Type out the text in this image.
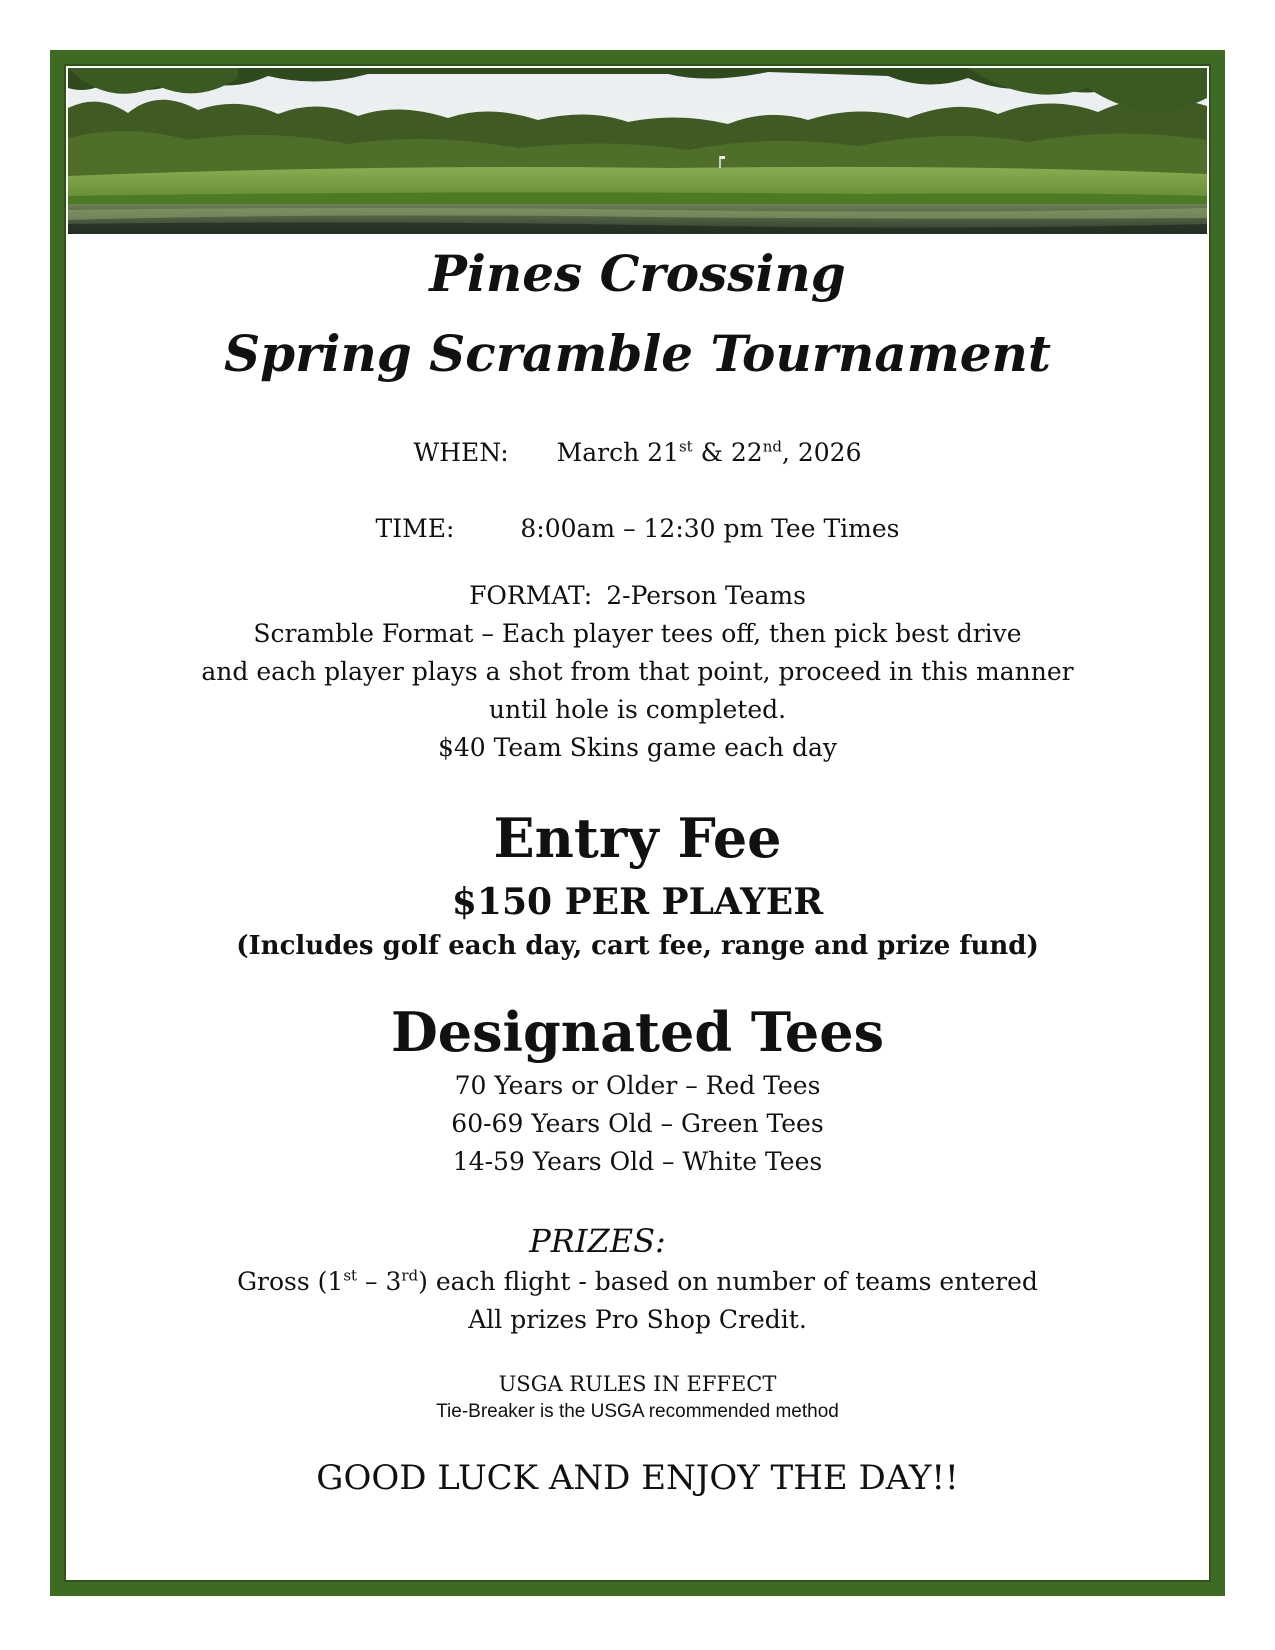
Pines Crossing
Spring Scramble Tournament

WHEN: March 21st & 22nd, 2026

TIME:	8:00am – 12:30 pm Tee Times

FORMAT: 2-Person Teams

Scramble Format – Each player tees off, then pick best drive

and each player plays a shot from that point, proceed in this manner

until hole is completed.

$40 Team Skins game each day

Entry Fee
$150 PER PLAYER
(Includes golf each day, cart fee, range and prize fund)
Designated Tees

70 Years or Older – Red Tees

60-69 Years Old – Green Tees

14-59 Years Old – White Tees

PRIZES:

Gross (1st – 3rd) each flight - based on number of teams entered

All prizes Pro Shop Credit.

USGA RULES IN EFFECT
Tie-Breaker is the USGA recommended method
GOOD LUCK AND ENJOY THE DAY!!
